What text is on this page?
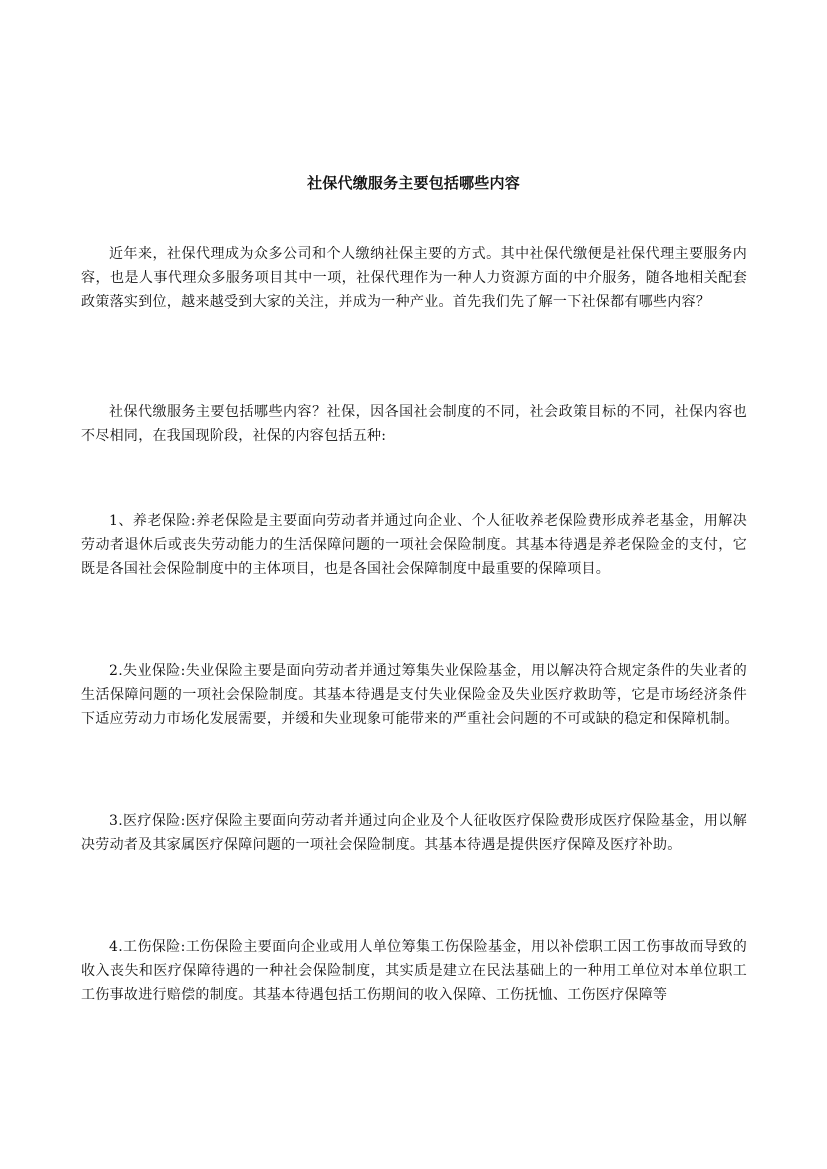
社保代缴服务主要包括哪些内容

近年来，社保代理成为众多公司和个人缴纳社保主要的方式。其中社保代缴便是社保代理主要服务内容，也是人事代理众多服务项目其中一项，社保代理作为一种人力资源方面的中介服务，随各地相关配套政策落实到位，越来越受到大家的关注，并成为一种产业。首先我们先了解一下社保都有哪些内容？

社保代缴服务主要包括哪些内容？社保，因各国社会制度的不同，社会政策目标的不同，社保内容也不尽相同，在我国现阶段，社保的内容包括五种:

1、养老保险:养老保险是主要面向劳动者并通过向企业、个人征收养老保险费形成养老基金，用解决劳动者退休后或丧失劳动能力的生活保障问题的一项社会保险制度。其基本待遇是养老保险金的支付，它既是各国社会保险制度中的主体项目，也是各国社会保障制度中最重要的保障项目。

2.失业保险:失业保险主要是面向劳动者并通过筹集失业保险基金，用以解决符合规定条件的失业者的生活保障问题的一项社会保险制度。其基本待遇是支付失业保险金及失业医疗救助等，它是市场经济条件下适应劳动力市场化发展需要，并缓和失业现象可能带来的严重社会问题的不可或缺的稳定和保障机制。

3.医疗保险:医疗保险主要面向劳动者并通过向企业及个人征收医疗保险费形成医疗保险基金，用以解决劳动者及其家属医疗保障问题的一项社会保险制度。其基本待遇是提供医疗保障及医疗补助。

4.工伤保险:工伤保险主要面向企业或用人单位筹集工伤保险基金，用以补偿职工因工伤事故而导致的收入丧失和医疗保障待遇的一种社会保险制度，其实质是建立在民法基础上的一种用工单位对本单位职工工伤事故进行赔偿的制度。其基本待遇包括工伤期间的收入保障、工伤抚恤、工伤医疗保障等
